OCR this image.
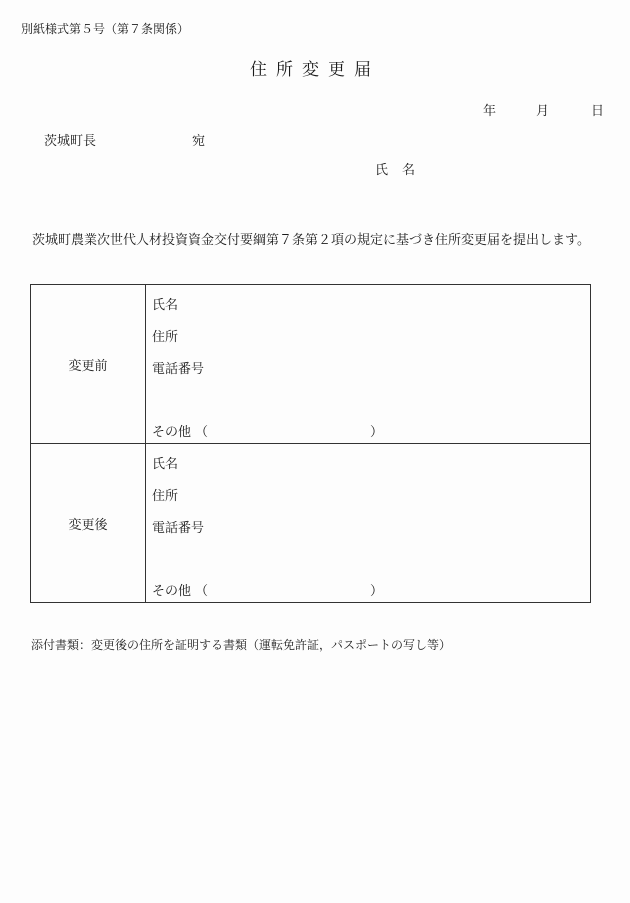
別紙様式第５号（第７条関係）
住所変更届
年	月	日
茨城町長	宛
氏名
茨城町農業次世代人材投資資金交付要綱第７条第２項の規定に基づき住所変更届を提出します。
変更前	氏名
住所
電話番号
その他 （ ）

変更後	氏名
住所
電話番号
その他 （ ）
添付書類：変更後の住所を証明する書類（運転免許証，パスポートの写し等）
